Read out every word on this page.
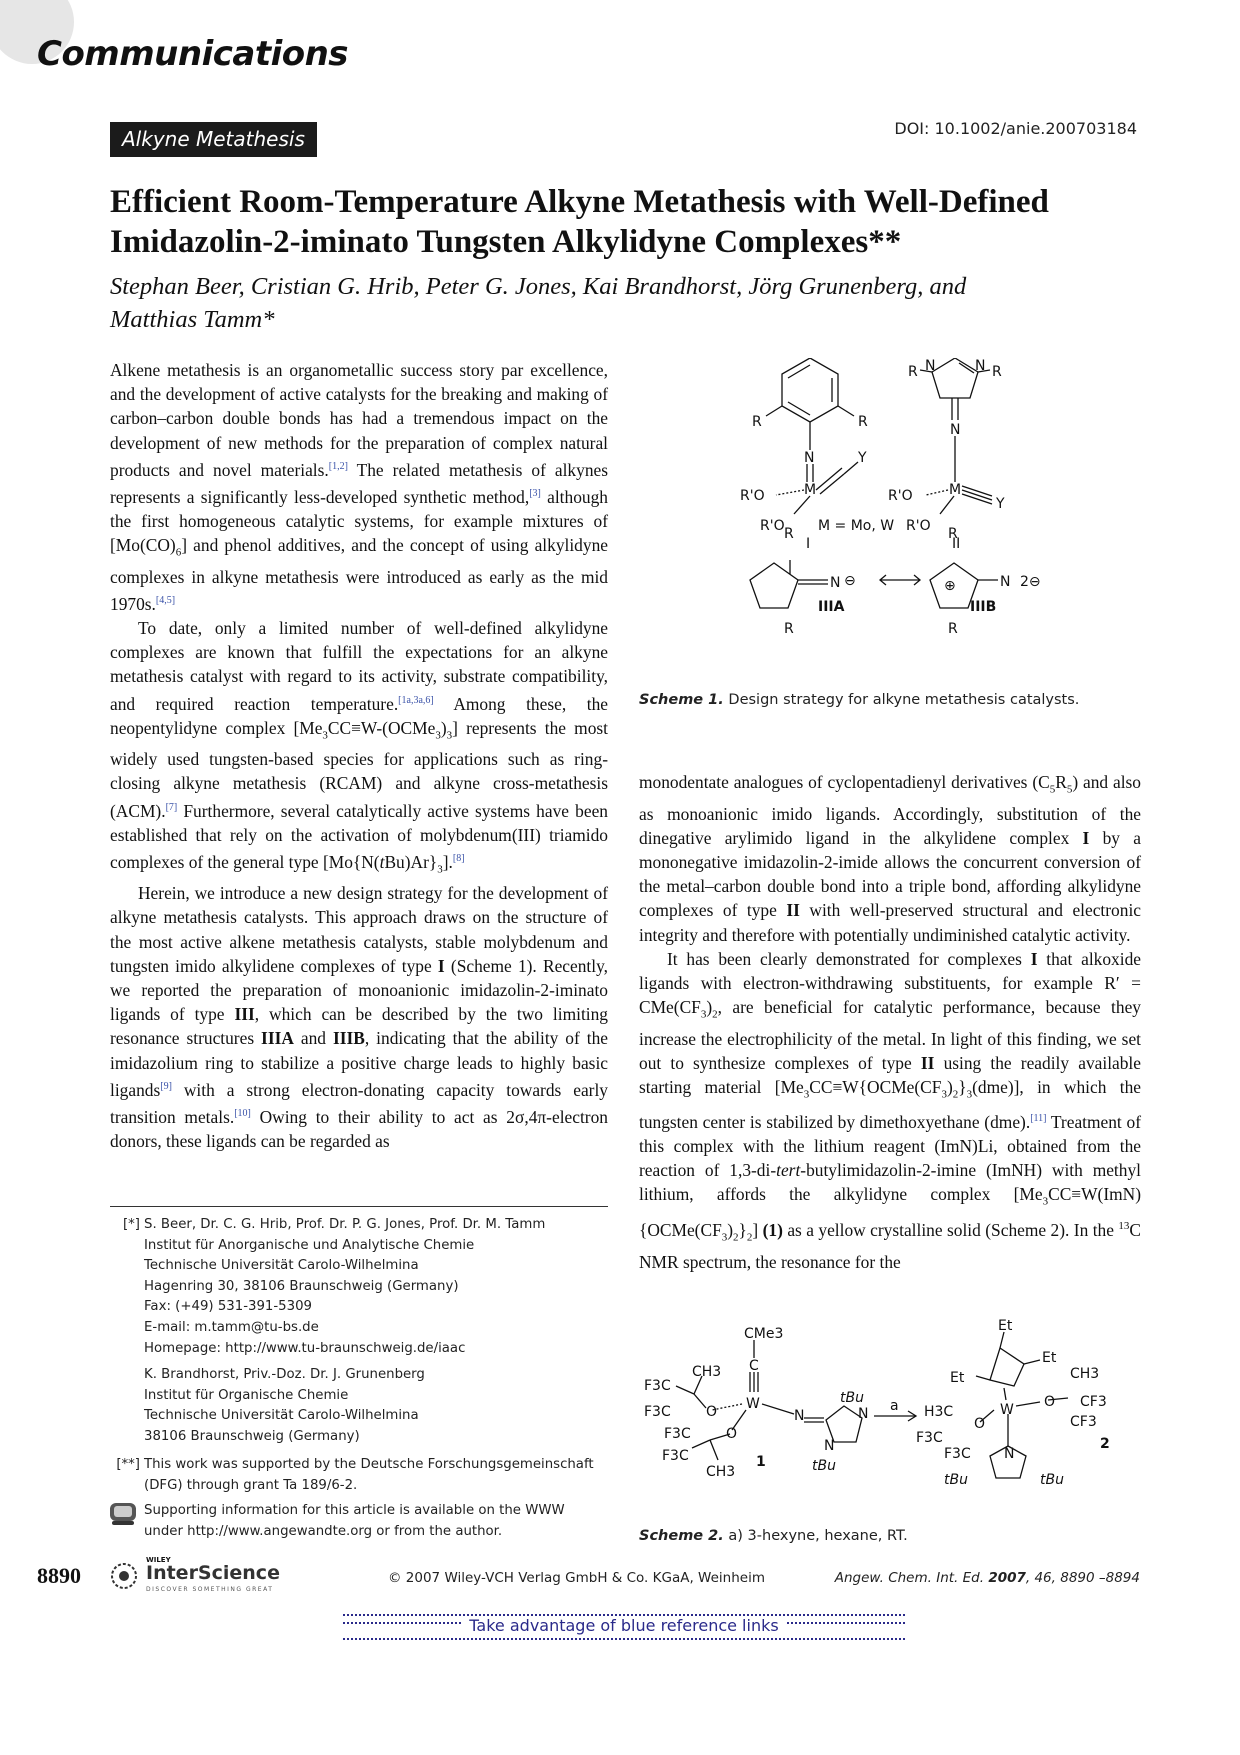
Communications
Alkyne Metathesis	DOI: 10.1002/anie.200703184
Efficient Room-Temperature Alkyne Metathesis with Well-Defined
Imidazolin-2-iminato Tungsten Alkylidyne Complexes**
Stephan Beer, Cristian G. Hrib, Peter G. Jones, Kai Brandhorst, Jörg Grunenberg, and
Matthias Tamm*

Alkene metathesis is an organometallic success story par excellence, and the development of active catalysts for the breaking and making of carbon–carbon double bonds has had a tremendous impact on the development of new methods for the preparation of complex natural products and novel materials.[1,2] The related metathesis of alkynes represents a significantly less-developed synthetic method,[3] although the first homogeneous catalytic systems, for example mixtures of $[Mo(CO)_6]$ and phenol additives, and the concept of using alkylidyne complexes in alkyne metathesis were introduced as early as the mid 1970s.[4,5]

To date, only a limited number of well-defined alkylidyne complexes are known that fulfill the expectations for an alkyne metathesis catalyst with regard to its activity, substrate compatibility, and required reaction temperature.[1a,3a,6] Among these, the neopentylidyne complex $[Me_3CC\equiv W-(OCMe_3)_3]$ represents the most widely used tungsten-based species for applications such as ring-closing alkyne metathesis (RCAM) and alkyne cross-metathesis (ACM).[7] Furthermore, several catalytically active systems have been established that rely on the activation of molybdenum(III) triamido complexes of the general type $[Mo\{N(tBu)Ar\}_3].[8]$

Herein, we introduce a new design strategy for the development of alkyne metathesis catalysts. This approach draws on the structure of the most active alkene metathesis catalysts, stable molybdenum and tungsten imido alkylidene complexes of type I (Scheme 1). Recently, we reported the preparation of monoanionic imidazolin-2-iminato ligands of type III, which can be described by the two limiting resonance structures IIIA and IIIB, indicating that the ability of the imidazolium ring to stabilize a positive charge leads to highly basic ligands[9] with a strong electron-donating capacity towards early transition metals.[10] Owing to their ability to act as 2σ,4π-electron donors, these ligands can be regarded as

[*] S. Beer, Dr. C. G. Hrib, Prof. Dr. P. G. Jones, Prof. Dr. M. Tamm
Institut für Anorganische und Analytische Chemie
Technische Universität Carolo-Wilhelmina
Hagenring 30, 38106 Braunschweig (Germany)
Fax: (+49) 531-391-5309
E-mail: m.tamm@tu-bs.de
Homepage: http://www.tu-braunschweig.de/iaac
K. Brandhorst, Priv.-Doz. Dr. J. Grunenberg
Institut für Organische Chemie
Technische Universität Carolo-Wilhelmina
38106 Braunschweig (Germany)
[**] This work was supported by the Deutsche Forschungsgemeinschaft
(DFG) through grant Ta 189/6-2.
Supporting information for this article is available on the WWW
under http://www.angewandte.org or from the author.
R	R
N
M
Y
R'O
R'O M = Mo, W
I
R	R
N	N
N
M
Y
R'O
R'O
II
R
R
N ⊖
IIIA
R
R
⊕	N 2⊖
IIIB
Scheme 1. Design strategy for alkyne metathesis catalysts.

monodentate analogues of cyclopentadienyl derivatives $(C_5R_5)$ and also as monoanionic imido ligands. Accordingly, substitution of the dinegative arylimido ligand in the alkylidene complex I by a mononegative imidazolin-2-imide allows the concurrent conversion of the metal–carbon double bond into a triple bond, affording alkylidyne complexes of type II with well-preserved structural and electronic integrity and therefore with potentially undiminished catalytic activity.

It has been clearly demonstrated for complexes I that alkoxide ligands with electron-withdrawing substituents, for example $R' = CMe(CF_3)_2$, are beneficial for catalytic performance, because they increase the electrophilicity of the metal. In light of this finding, we set out to synthesize complexes of type II using the readily available starting material $[Me_3CC\equiv W\{OCMe(CF_3)_2\}_3(dme)]$, in which the tungsten center is stabilized by dimethoxyethane (dme).[11] Treatment of this complex with the lithium reagent (ImN)Li, obtained from the reaction of 1,3-di-tert-butylimidazolin-2-imine (ImNH) with methyl lithium, affords the alkylidyne complex $[Me_3CC\equiv W(ImN)\{OCMe(CF_3)_2\}_2]$ (1) as a yellow crystalline solid (Scheme 2). In the $^{13}$C NMR spectrum, the resonance for the

CMe3
C
W
O
O
N	N
N
tBu
tBu
CH3
F3C
F3C
F3C
F3C
CH3
1
a
Et
Et
Et
W O
O
N
CH3
CF3
CF3
H3C
F3C
F3C
tBu	tBu
2
Scheme 2. a) 3-hexyne, hexane, RT.
8890
WILEY
InterScience
DISCOVER SOMETHING GREAT
© 2007 Wiley-VCH Verlag GmbH & Co. KGaA, Weinheim	Angew. Chem. Int. Ed. 2007, 46, 8890 –8894
Take advantage of blue reference links
